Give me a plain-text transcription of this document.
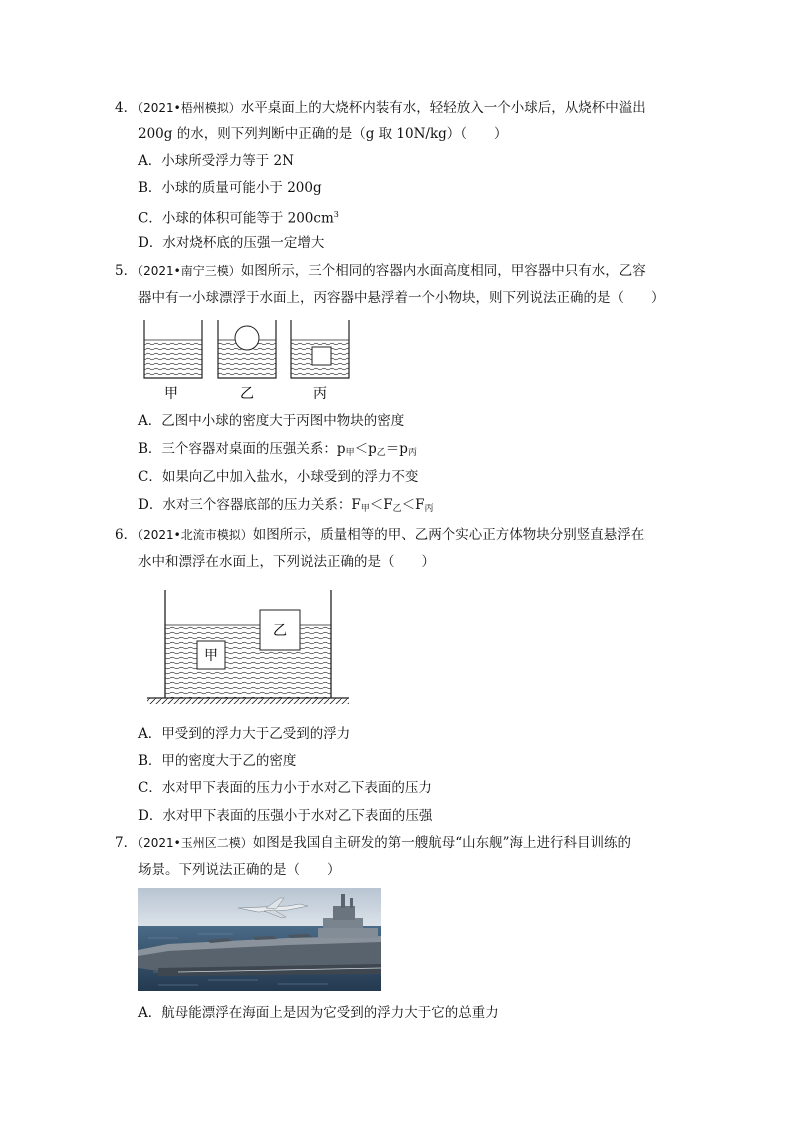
4．（2021•梧州模拟）水平桌面上的大烧杯内装有水，轻轻放入一个小球后，从烧杯中溢出
200g 的水，则下列判断中正确的是（g 取 10N/kg）（　　）
A．小球所受浮力等于 2N
B．小球的质量可能小于 200g
C．小球的体积可能等于 $200cm^3$
D．水对烧杯底的压强一定增大
5．（2021•南宁三模）如图所示，三个相同的容器内水面高度相同，甲容器中只有水，乙容
器中有一小球漂浮于水面上，丙容器中悬浮着一个小物块，则下列说法正确的是（　　）
甲	乙	丙
A．乙图中小球的密度大于丙图中物块的密度
B．三个容器对桌面的压强关系：$p_甲<p_乙=p_丙$
C．如果向乙中加入盐水，小球受到的浮力不变
D．水对三个容器底部的压力关系：$F_甲<F_乙<F_丙$
6．（2021•北流市模拟）如图所示，质量相等的甲、乙两个实心正方体物块分别竖直悬浮在
水中和漂浮在水面上，下列说法正确的是（　　）
甲
乙
A．甲受到的浮力大于乙受到的浮力
B．甲的密度大于乙的密度
C．水对甲下表面的压力小于水对乙下表面的压力
D．水对甲下表面的压强小于水对乙下表面的压强
7．（2021•玉州区二模）如图是我国自主研发的第一艘航母“山东舰”海上进行科目训练的
场景。下列说法正确的是（　　）
A．航母能漂浮在海面上是因为它受到的浮力大于它的总重力
